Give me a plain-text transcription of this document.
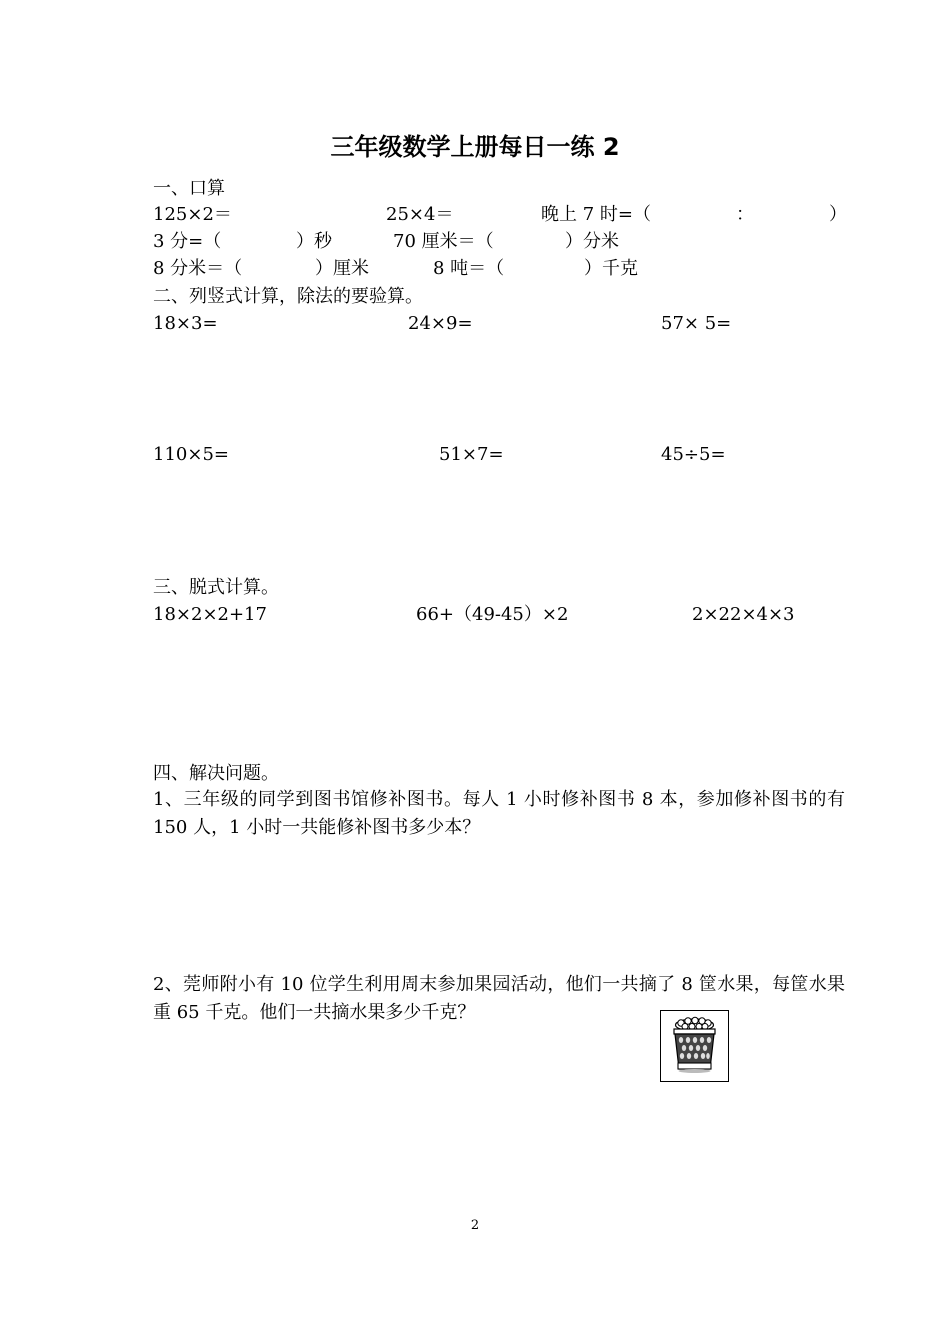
三年级数学上册每日一练 2
一、口算
125×2＝	25×4＝	晚上 7 时=（	：	）
3 分=（	）秒	70 厘米＝（	）分米
8 分米＝（	）厘米	8 吨＝（	）千克
二、列竖式计算，除法的要验算。
18×3=	24×9=	57× 5=
110×5=	51×7=	45÷5=
三、脱式计算。
18×2×2+17	66+（49-45）×2	2×22×4×3
四、解决问题。
1、三年级的同学到图书馆修补图书。每人 1 小时修补图书 8 本，参加修补图书的有 150 人，1 小时一共能修补图书多少本？
2、莞师附小有 10 位学生利用周末参加果园活动，他们一共摘了 8 筐水果，每筐水果重 65 千克。他们一共摘水果多少千克？
2
